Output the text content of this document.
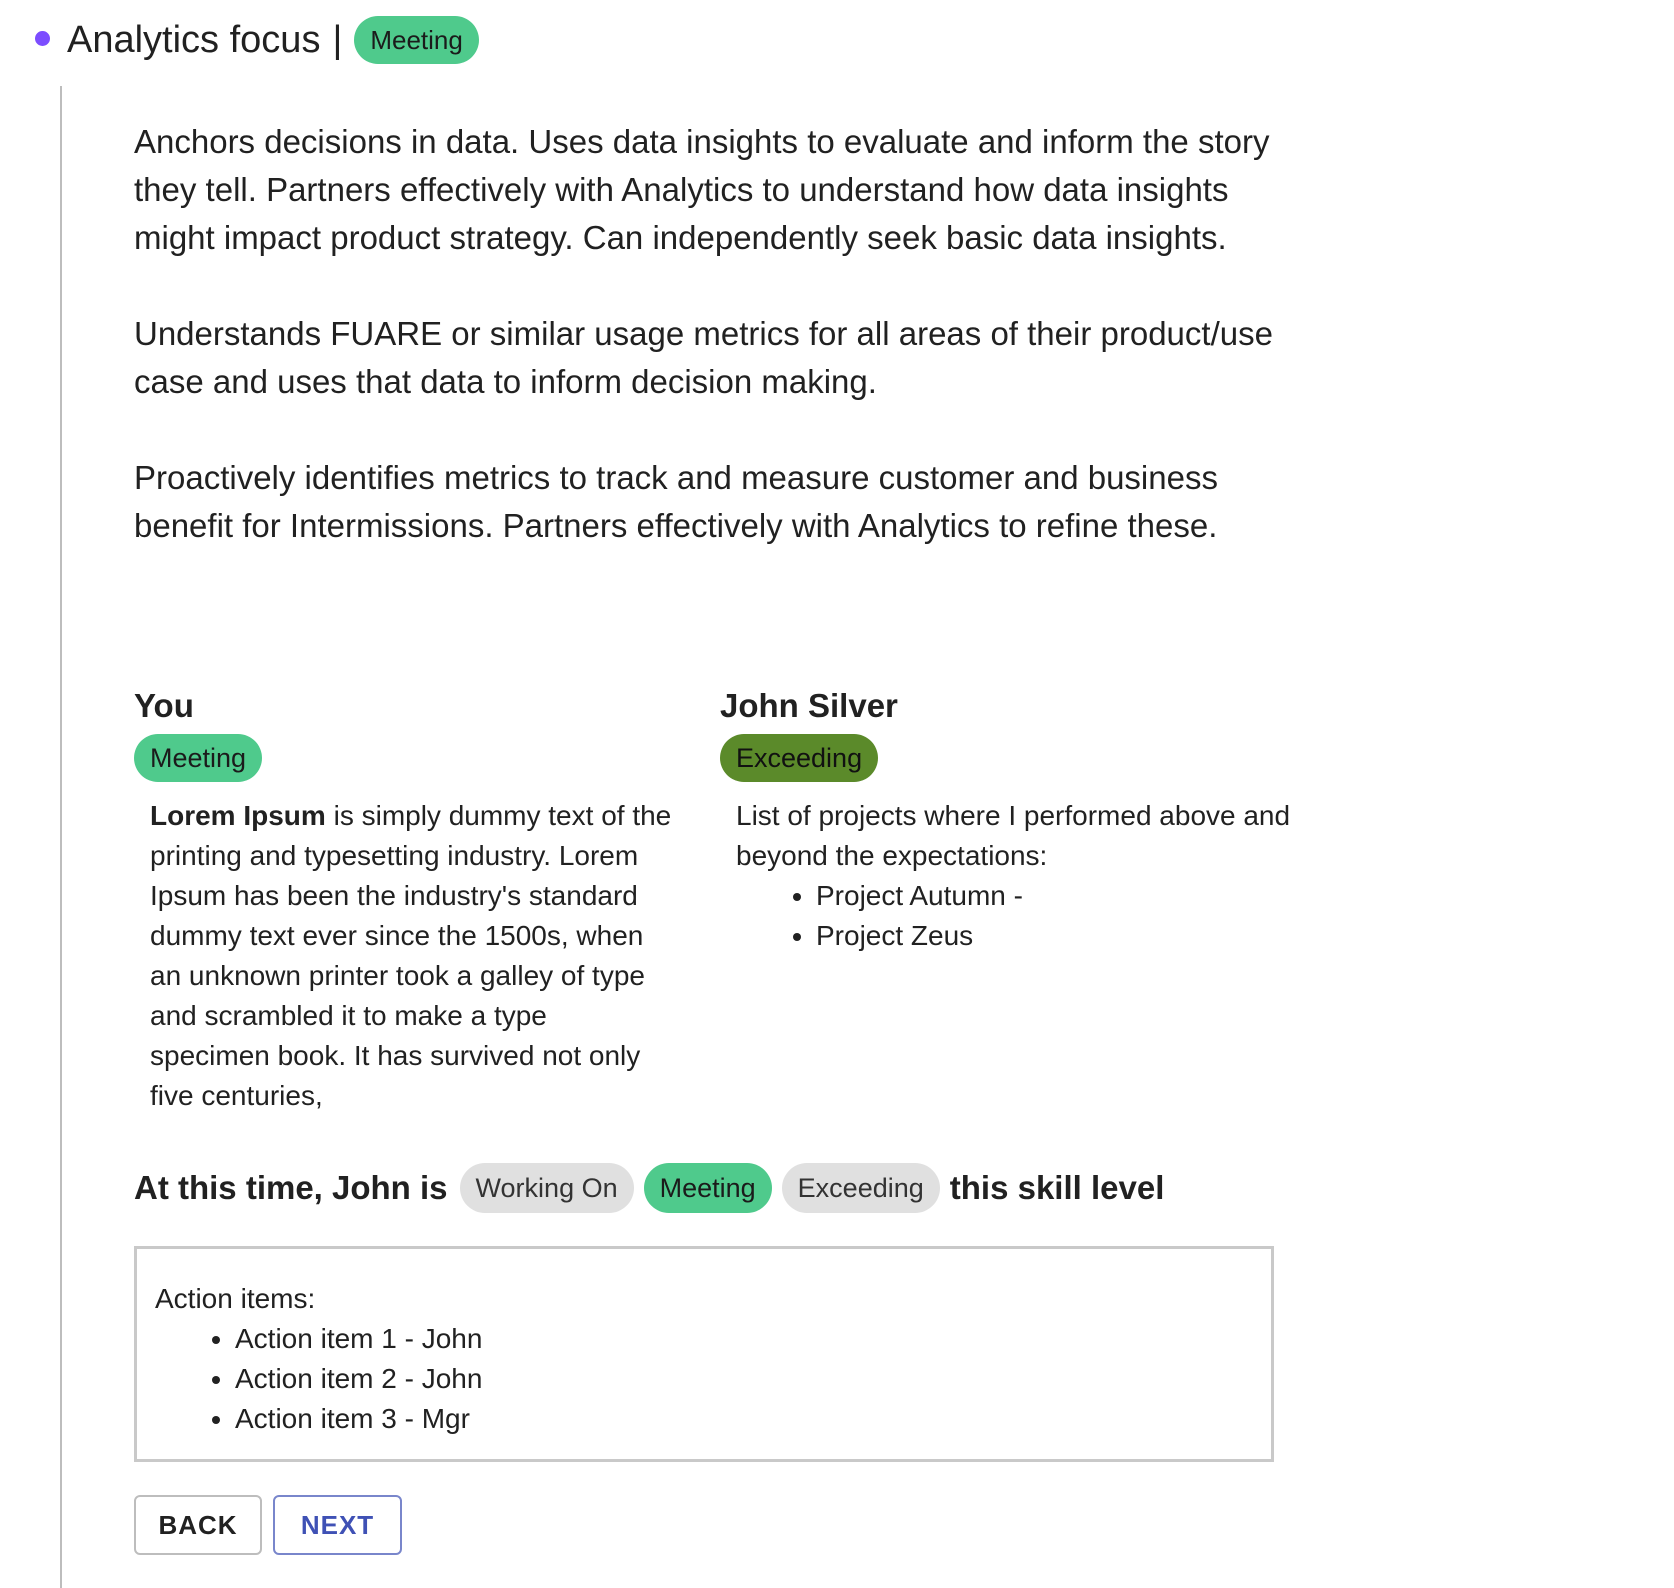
Analytics focus |	Meeting

Anchors decisions in data. Uses data insights to evaluate and inform the story they tell. Partners effectively with Analytics to understand how data insights might impact product strategy. Can independently seek basic data insights.

Understands FUARE or similar usage metrics for all areas of their product/use case and uses that data to inform decision making.

Proactively identifies metrics to track and measure customer and business benefit for Intermissions. Partners effectively with Analytics to refine these.

You
Meeting
Lorem Ipsum is simply dummy text of the printing and typesetting industry. Lorem Ipsum has been the industry's standard dummy text ever since the 1500s, when an unknown printer took a galley of type and scrambled it to make a type specimen book. It has survived not only five centuries,
John Silver
Exceeding
List of projects where I performed above and beyond the expectations:
• Project Autumn -
• Project Zeus
At this time, John is	Working On	Meeting	Exceeding this skill level
Action items:
• Action item 1 - John
• Action item 2 - John
• Action item 3 - Mgr
BACK	NEXT
